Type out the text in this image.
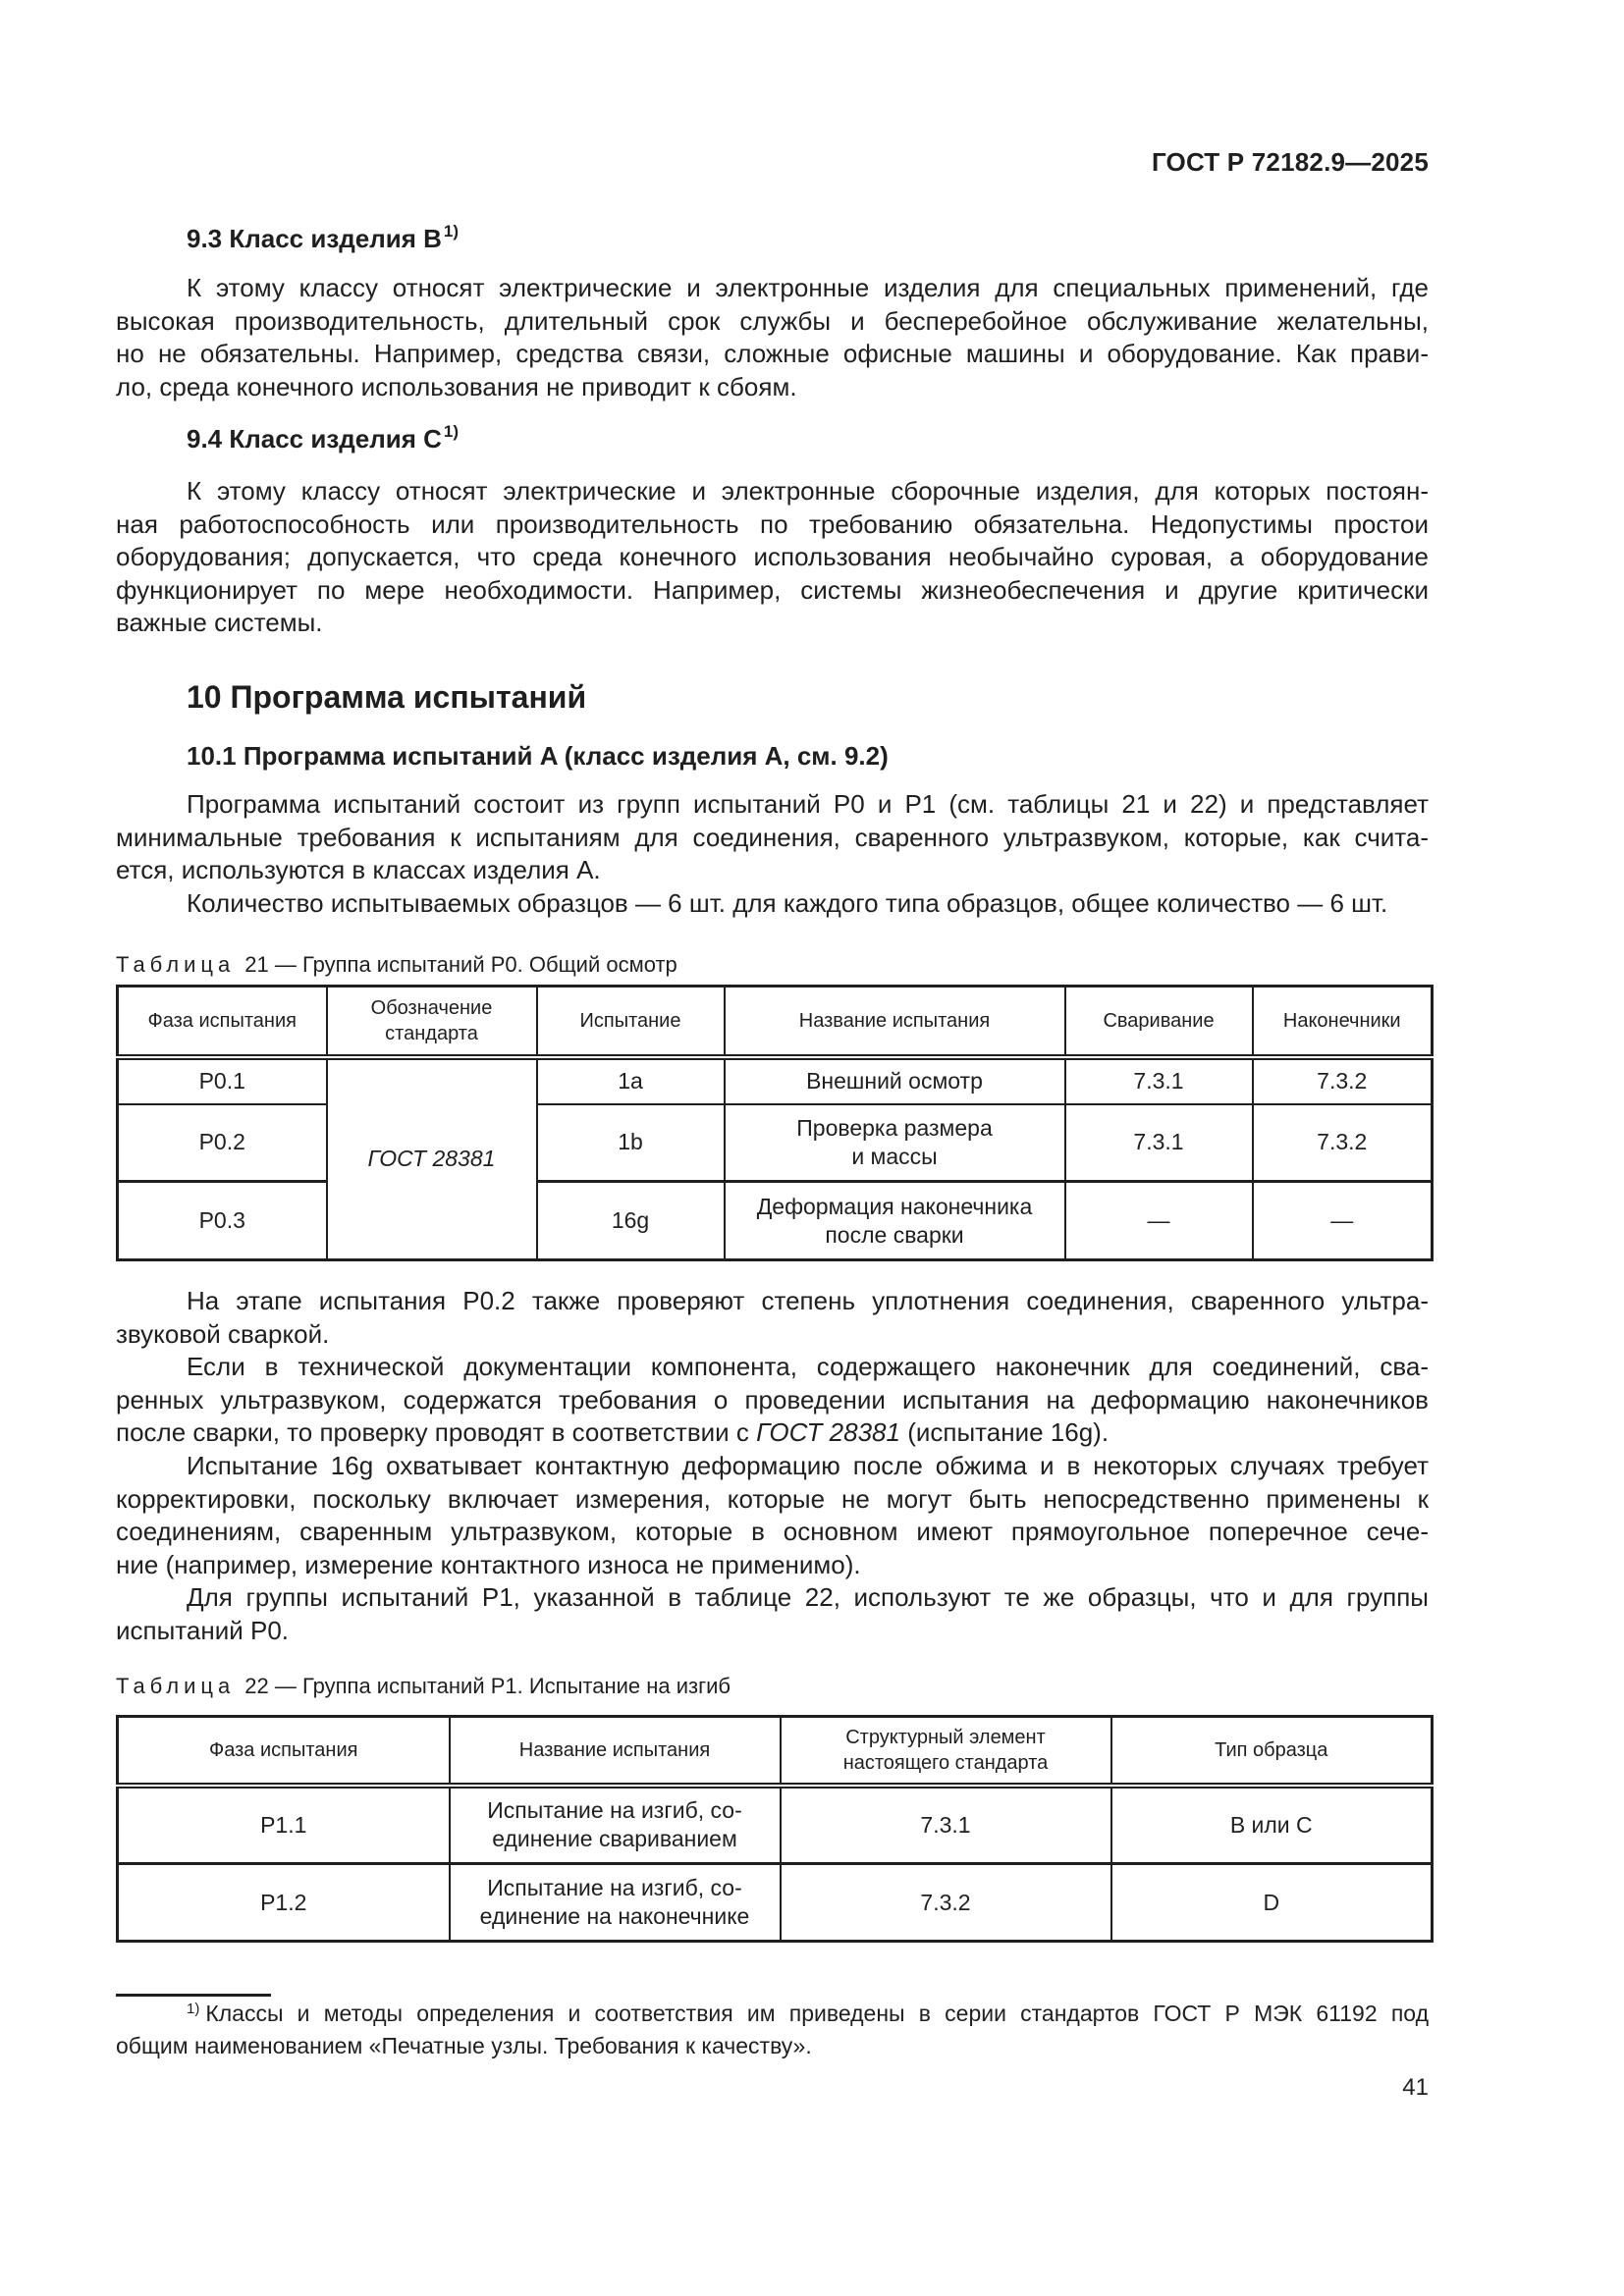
ГОСТ Р 72182.9—2025
9.3 Класс изделия B $^{1)}$
К этому классу относят электрические и электронные изделия для специальных применений, где
высокая производительность, длительный срок службы и бесперебойное обслуживание желательны,
но не обязательны. Например, средства связи, сложные офисные машины и оборудование. Как прави-
ло, среда конечного использования не приводит к сбоям.
9.4 Класс изделия C $^{1)}$
К этому классу относят электрические и электронные сборочные изделия, для которых постоян-
ная работоспособность или производительность по требованию обязательна. Недопустимы простои
оборудования; допускается, что среда конечного использования необычайно суровая, а оборудование
функционирует по мере необходимости. Например, системы жизнеобеспечения и другие критически
важные системы.
10 Программа испытаний
10.1 Программа испытаний A (класс изделия A, см. 9.2)
Программа испытаний состоит из групп испытаний P0 и P1 (см. таблицы 21 и 22) и представляет
минимальные требования к испытаниям для соединения, сваренного ультразвуком, которые, как счита-
ется, используются в классах изделия A.
Количество испытываемых образцов — 6 шт. для каждого типа образцов, общее количество — 6 шт.
Таблица 21 — Группа испытаний P0. Общий осмотр
Фаза испытания	Обозначение стандарта	Испытание	Название испытания	Сваривание	Наконечники
P0.1	ГОСТ 28381	1a	Внешний осмотр	7.3.1	7.3.2
P0.2		1b	Проверка размера и массы	7.3.1	7.3.2
P0.3		16g	Деформация наконечника после сварки	—	—
На этапе испытания P0.2 также проверяют степень уплотнения соединения, сваренного ультра-
звуковой сваркой.
Если в технической документации компонента, содержащего наконечник для соединений, сва-
ренных ультразвуком, содержатся требования о проведении испытания на деформацию наконечников
после сварки, то проверку проводят в соответствии с ГОСТ 28381 (испытание 16g).
Испытание 16g охватывает контактную деформацию после обжима и в некоторых случаях требует
корректировки, поскольку включает измерения, которые не могут быть непосредственно применены к
соединениям, сваренным ультразвуком, которые в основном имеют прямоугольное поперечное сече-
ние (например, измерение контактного износа не применимо).
Для группы испытаний P1, указанной в таблице 22, используют те же образцы, что и для группы
испытаний P0.
Таблица 22 — Группа испытаний P1. Испытание на изгиб
Фаза испытания	Название испытания	Структурный элемент настоящего стандарта	Тип образца
P1.1	Испытание на изгиб, со-единение свариванием	7.3.1	B или C
P1.2	Испытание на изгиб, со-единение на наконечнике	7.3.2	D
$^{1)}$ Классы и методы определения и соответствия им приведены в серии стандартов ГОСТ Р МЭК 61192 под
общим наименованием «Печатные узлы. Требования к качеству».
41
